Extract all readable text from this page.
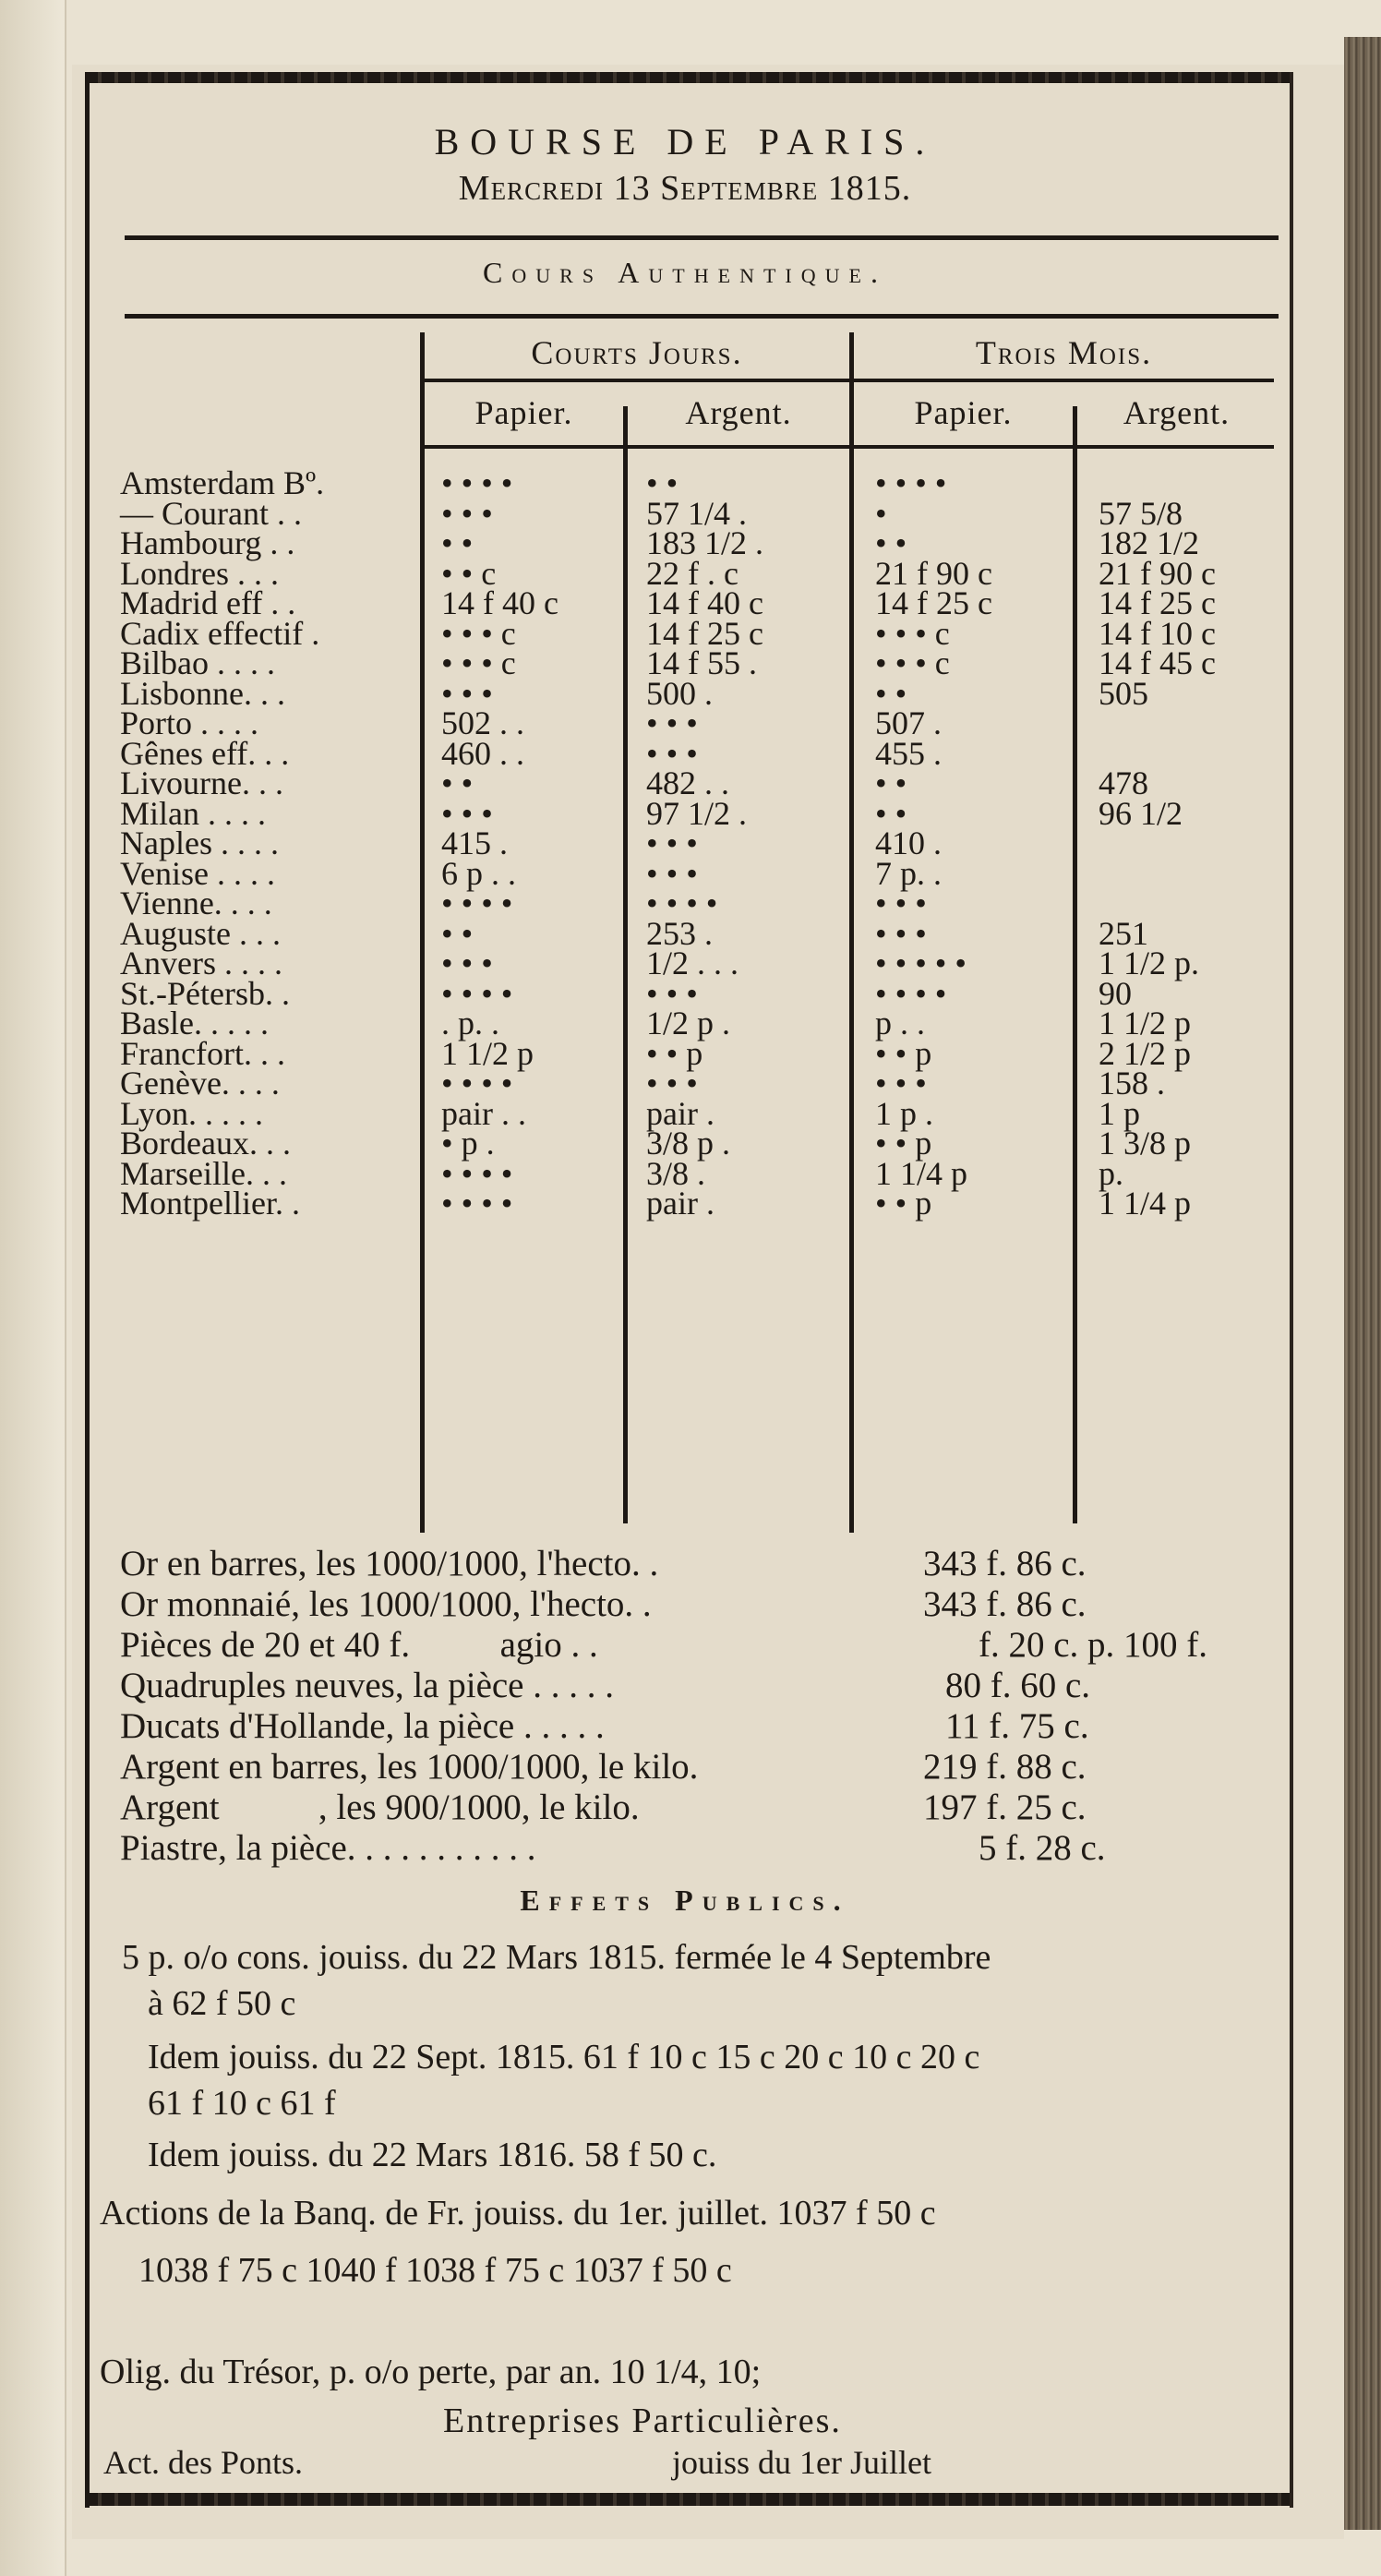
BOURSE DE PARIS.
Mercredi 13 Septembre 1815.
Cours Authentique.
Courts Jours.	Trois Mois.
Papier.	Argent.	Papier.	Argent.
Amsterdam Bº.	• • • •	• •	• • • •
— Courant . .	• • •	57 1/4 .	•	57 5/8
Hambourg . .	• •	183 1/2 .	• •	182 1/2
Londres . . .	• • c	22 f . c	21 f 90 c	21 f 90 c
Madrid eff . .	14 f 40 c	14 f 40 c	14 f 25 c	14 f 25 c
Cadix effectif .	• • • c	14 f 25 c	• • • c	14 f 10 c
Bilbao . . . .	• • • c	14 f 55 .	• • • c	14 f 45 c
Lisbonne. . .	• • •	500 .	• •	505
Porto . . . .	502 . .	• • •	507 .
Gênes eff. . .	460 . .	• • •	455 .
Livourne. . .	• •	482 . .	• •	478
Milan . . . .	• • •	97 1/2 .	• •	96 1/2
Naples . . . .	415 .	• • •	410 .
Venise . . . .	6 p . .	• • •	7 p. .
Vienne. . . .	• • • •	• • • •	• • •
Auguste . . .	• •	253 .	• • •	251
Anvers . . . .	• • •	1/2 . . .	• • • • •	1 1/2 p.
St.-Pétersb. .	• • • •	• • •	• • • •	90
Basle. . . . .	. p. .	1/2 p .	p . .	1 1/2 p
Francfort. . .	1 1/2 p	• • p	• • p	2 1/2 p
Genève. . . .	• • • •	• • •	• • •	158 .
Lyon. . . . .	pair . .	pair .	1 p .	1 p
Bordeaux. . .	• p .	3/8 p .	• • p	1 3/8 p
Marseille. . .	• • • •	3/8 .	1 1/4 p	p.
Montpellier. .	• • • •	pair .	• • p	1 1/4 p
Or en barres, les 1000/1000, l'hecto. .	343 f. 86 c.
Or monnaié, les 1000/1000, l'hecto. .	343 f. 86 c.
Pièces de 20 et 40 f.          agio . .	f. 20 c. p. 100 f.
Quadruples neuves, la pièce . . . . .	80 f. 60 c.
Ducats d'Hollande, la pièce . . . . .	11 f. 75 c.
Argent en barres, les 1000/1000, le kilo.	219 f. 88 c.
Argent           , les 900/1000, le kilo.	197 f. 25 c.
Piastre, la pièce. . . . . . . . . . .	5 f. 28 c.
Effets Publics.
5 p. o/o cons. jouiss. du 22 Mars 1815. fermée le 4 Septembre
à 62 f 50 c
Idem jouiss. du 22 Sept. 1815. 61 f 10 c 15 c 20 c 10 c 20 c
61 f 10 c 61 f
Idem jouiss. du 22 Mars 1816. 58 f 50 c.
Actions de la Banq. de Fr. jouiss. du 1er. juillet. 1037 f 50 c
1038 f 75 c 1040 f 1038 f 75 c 1037 f 50 c
Olig. du Trésor, p. o/o perte, par an. 10 1/4, 10;
Entreprises Particulières.
Act. des Ponts.	jouiss du 1er Juillet
